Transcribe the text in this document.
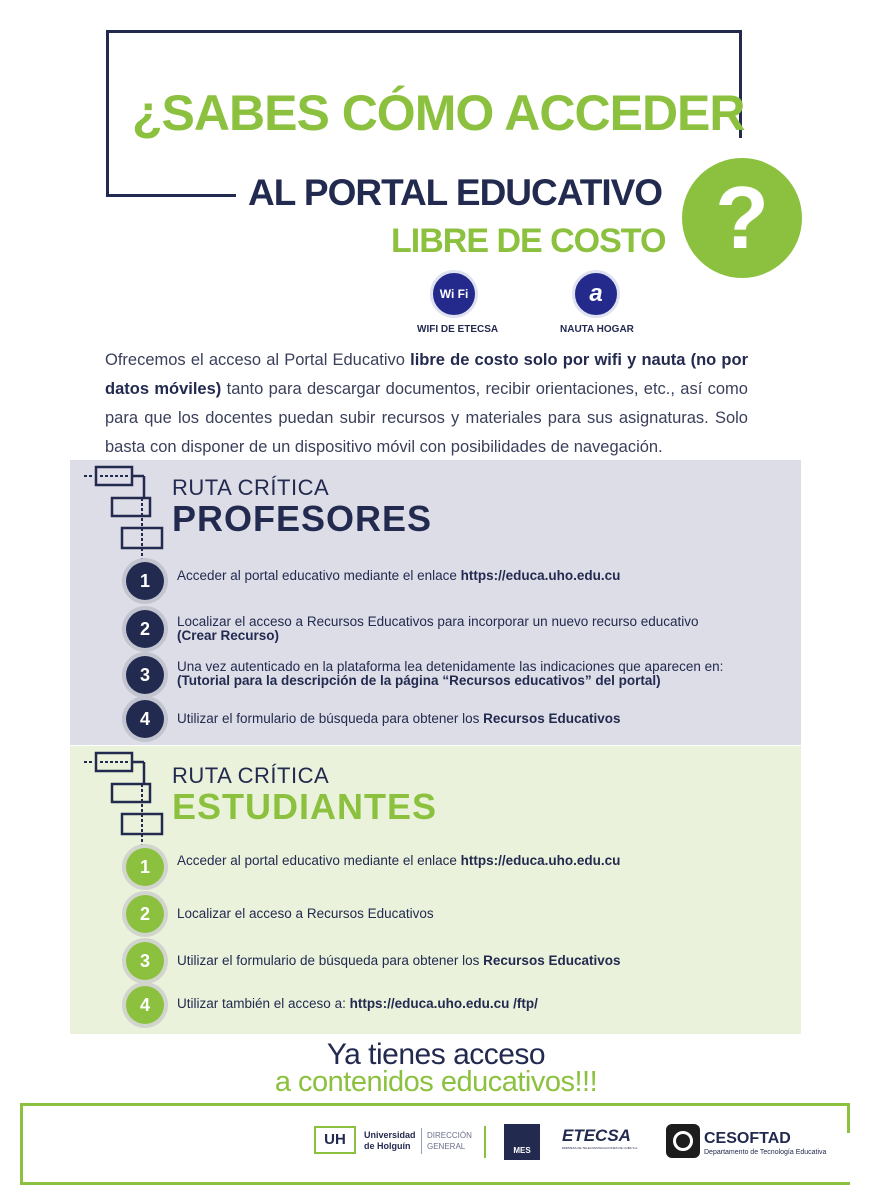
¿SABES CÓMO ACCEDER
AL PORTAL EDUCATIVO
LIBRE DE COSTO ?
Wi Fi
WIFI DE ETECSA
a
NAUTA HOGAR

Ofrecemos el acceso al Portal Educativo libre de costo solo por wifi y nauta (no por datos móviles) tanto para descargar documentos, recibir orientaciones, etc., así como para que los docentes puedan subir recursos y materiales para sus asignaturas. Solo basta con disponer de un dispositivo móvil con posibilidades de navegación.

RUTA CRÍTICA
PROFESORES
1	Acceder al portal educativo mediante el enlace https://educa.uho.edu.cu
2	Localizar el acceso a Recursos Educativos para incorporar un nuevo recurso educativo (Crear Recurso)
3	Una vez autenticado en la plataforma lea detenidamente las indicaciones que aparecen en: (Tutorial para la descripción de la página “Recursos educativos” del portal)
4	Utilizar el formulario de búsqueda para obtener los Recursos Educativos
RUTA CRÍTICA
ESTUDIANTES
1	Acceder al portal educativo mediante el enlace https://educa.uho.edu.cu
2	Localizar el acceso a Recursos Educativos
3	Utilizar el formulario de búsqueda para obtener los Recursos Educativos
4	Utilizar también el acceso a: https://educa.uho.edu.cu /ftp/
Ya tienes acceso
a contenidos educativos!!!
UH	Universidad
de Holguín
DIRECCIÓN
GENERAL	MES
ETECSA
EMPRESA DE TELECOMUNICACIONES DE CUBA S.A.
CESOFTAD
Departamento de Tecnología Educativa
